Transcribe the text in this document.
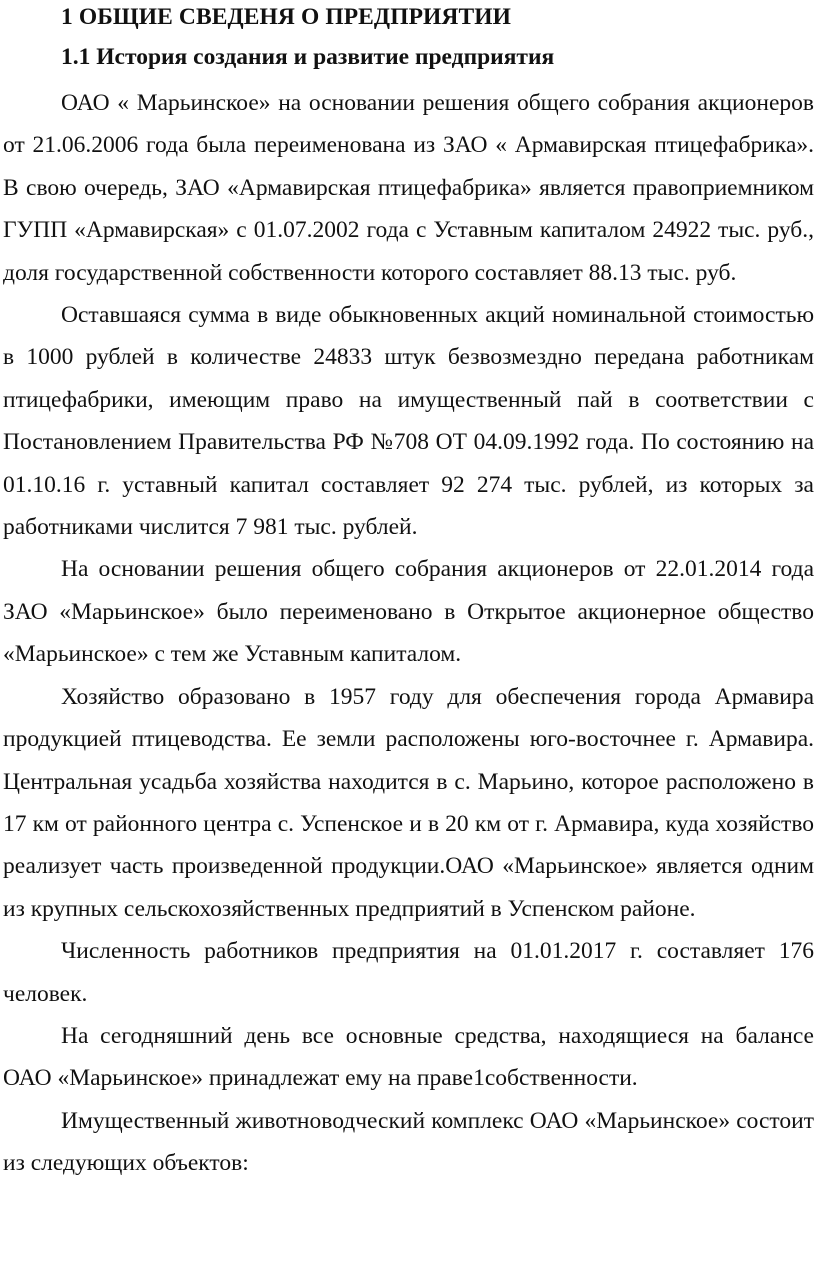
1 ОБЩИЕ СВЕДЕНЯ О ПРЕДПРИЯТИИ
1.1 История создания и развитие предприятия

ОАО « Марьинское» на основании решения общего собрания акционеров от 21.06.2006 года была переименована из ЗАО « Армавирская птицефабрика». В свою очередь, ЗАО «Армавирская птицефабрика» является правоприемником ГУПП «Армавирская» с 01.07.2002 года с Уставным капиталом 24922 тыс. руб., доля государственной собственности которого составляет 88.13 тыс. руб.

Оставшаяся сумма в виде обыкновенных акций номинальной стоимостью в 1000 рублей в количестве 24833 штук безвозмездно передана работникам птицефабрики, имеющим право на имущественный пай в соответствии с Постановлением Правительства РФ №708 ОТ 04.09.1992 года. По состоянию на 01.10.16 г. уставный капитал составляет 92 274 тыс. рублей, из которых за работниками числится 7 981 тыс. рублей.

На основании решения общего собрания акционеров от 22.01.2014 года ЗАО «Марьинское» было переименовано в Открытое акционерное общество «Марьинское» с тем же Уставным капиталом.

Хозяйство образовано в 1957 году для обеспечения города Армавира продукцией птицеводства. Ее земли расположены юго-восточнее г. Армавира. Центральная усадьба хозяйства находится в с. Марьино, которое расположено в 17 км от районного центра с. Успенское и в 20 км от г. Армавира, куда хозяйство реализует часть произведенной продукции.ОАО «Марьинское» является одним из крупных сельскохозяйственных предприятий в Успенском районе.

Численность работников предприятия на 01.01.2017 г. составляет 176 человек.

На сегодняшний день все основные средства, находящиеся на балансе ОАО «Марьинское» принадлежат ему на праве1собственности.

Имущественный животноводческий комплекс ОАО «Марьинское» состоит из следующих объектов:
